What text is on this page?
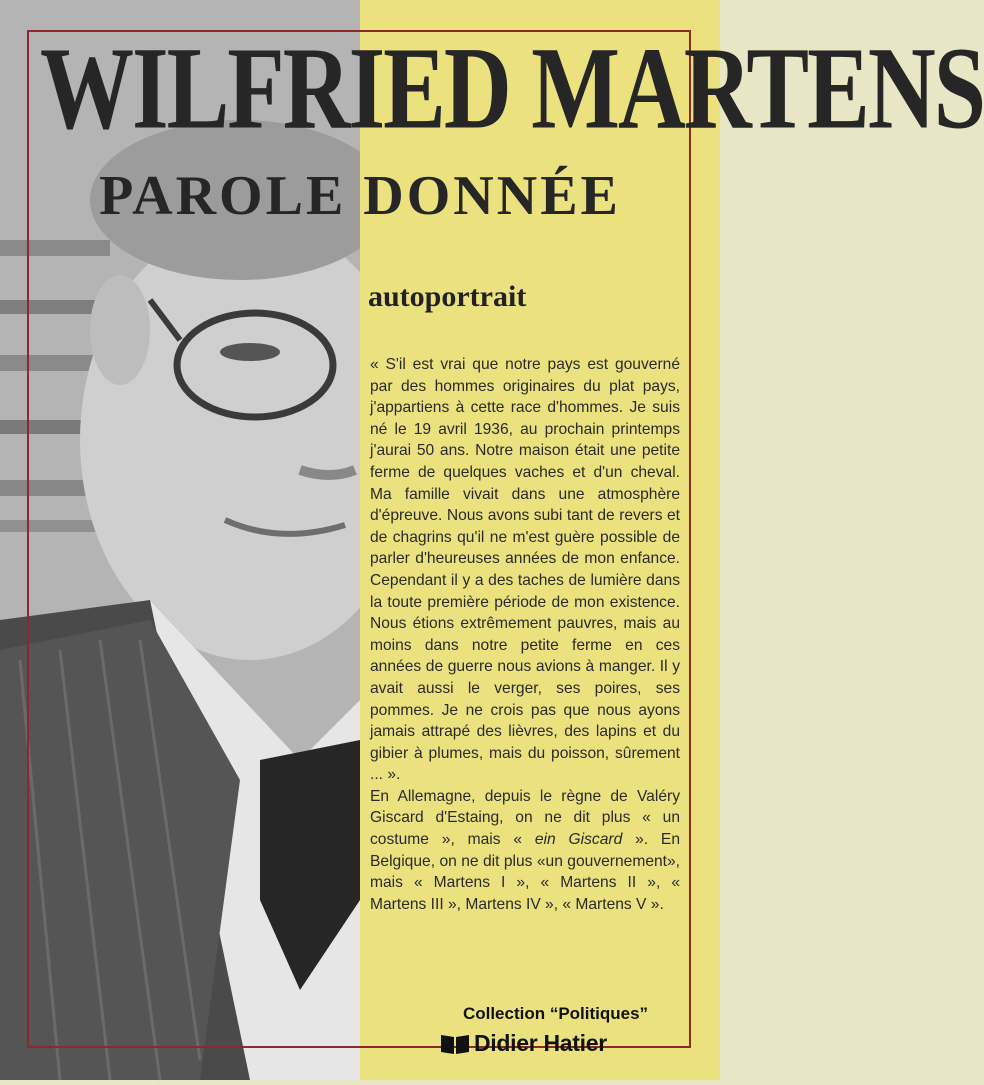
WILFRIED MARTENS
PAROLE DONNÉE
autoportrait

« S'il est vrai que notre pays est gouverné par des hommes originaires du plat pays, j'appartiens à cette race d'hommes. Je suis né le 19 avril 1936, au prochain printemps j'aurai 50 ans. Notre maison était une petite ferme de quelques vaches et d'un cheval. Ma famille vivait dans une atmosphère d'épreuve. Nous avons subi tant de revers et de chagrins qu'il ne m'est guère possible de parler d'heureuses années de mon enfance. Cependant il y a des taches de lumière dans la toute première période de mon existence. Nous étions extrêmement pauvres, mais au moins dans notre petite ferme en ces années de guerre nous avions à manger. Il y avait aussi le verger, ses poires, ses pommes. Je ne crois pas que nous ayons jamais attrapé des lièvres, des lapins et du gibier à plumes, mais du poisson, sûrement ... ».

En Allemagne, depuis le règne de Valéry Giscard d'Estaing, on ne dit plus « un costume », mais « ein Giscard ». En Belgique, on ne dit plus «un gouvernement», mais « Martens I », « Martens II », « Martens III », Martens IV », « Martens V ».

Collection “Politiques”
Didier Hatier
